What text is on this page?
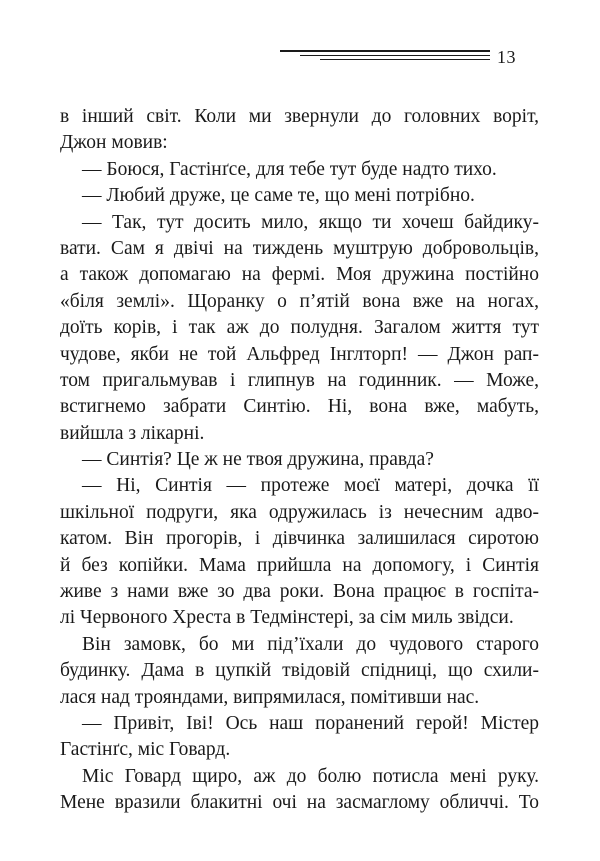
13
в інший світ. Коли ми звернули до головних воріт,
Джон мовив:
— Боюся, Гастінґсе, для тебе тут буде надто тихо.
— Любий друже, це саме те, що мені потрібно.
— Так, тут досить мило, якщо ти хочеш байдику-
вати. Сам я двічі на тиждень муштрую добровольців,
а також допомагаю на фермі. Моя дружина постійно
«біля землі». Щоранку о п’ятій вона вже на ногах,
доїть корів, і так аж до полудня. Загалом життя тут
чудове, якби не той Альфред Інглторп! — Джон рап-
том пригальмував і глипнув на годинник. — Може,
встигнемо забрати Синтію. Ні, вона вже, мабуть,
вийшла з лікарні.
— Синтія? Це ж не твоя дружина, правда?
— Ні, Синтія — протеже моєї матері, дочка її
шкільної подруги, яка одружилась із нечесним адво-
катом. Він прогорів, і дівчинка залишилася сиротою
й без копійки. Мама прийшла на допомогу, і Синтія
живе з нами вже зо два роки. Вона працює в госпіта-
лі Червоного Хреста в Тедмінстері, за сім миль звідси.
Він замовк, бо ми під’їхали до чудового старого
будинку. Дама в цупкій твідовій спідниці, що схили-
лася над трояндами, випрямилася, помітивши нас.
— Привіт, Іві! Ось наш поранений герой! Містер
Гастінґс, міс Говард.
Міс Говард щиро, аж до болю потисла мені руку.
Мене вразили блакитні очі на засмаглому обличчі. То
